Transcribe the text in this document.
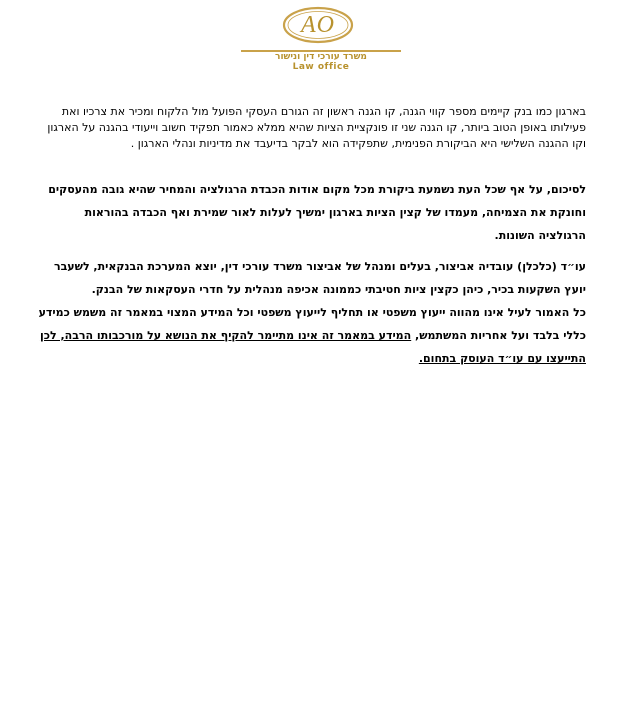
AO
משרד עורכי דין ונישור
Law office

בארגון כמו בנק קיימים מספר קווי הגנה, קו הגנה ראשון זה הגורם העסקי הפועל מול הלקוח ומכיר את צרכיו ואת פעילותו באופן הטוב ביותר, קו הגנה שני זו פונקציית הציות שהיא ממלא כאמור תפקיד חשוב וייעודי בהגנה על הארגון וקו ההגנה השלישי היא הביקורת הפנימית, שתפקידה הוא לבקר בדיעבד את מדיניות ונהלי הארגון .

לסיכום, על אף שכל העת נשמעת ביקורת מכל מקום אודות הכבדת הרגולציה והמחיר שהיא גובה מהעסקים וחונקת את הצמיחה, מעמדו של קצין הציות בארגון ימשיך לעלות לאור שמירת ואף הכבדה בהוראות הרגולציה השונות.

עו״ד (כלכלן) עובדיה אביצור, בעלים ומנהל של אביצור משרד עורכי דין, יוצא המערכת הבנקאית, לשעבר יועץ השקעות בכיר, כיהן כקצין ציות חטיבתי כממונה אכיפה מנהלית על חדרי העסקאות של הבנק.

כל האמור לעיל אינו מהווה ייעוץ משפטי או תחליף לייעוץ משפטי וכל המידע המצוי במאמר זה משמש כמידע כללי בלבד ועל אחריות המשתמש, המידע במאמר זה אינו מתיימר להקיף את הנושא על מורכבותו הרבה, לכן התייעצו עם עו״ד העוסק בתחום.
